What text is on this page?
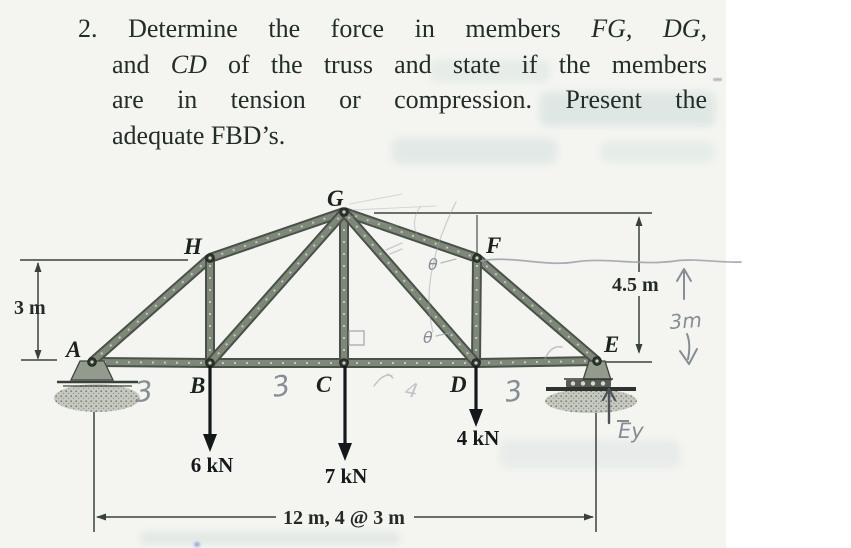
2. Determine the force in members FG, DG,
and CD of the truss and state if the members
are in tension or compression. Present the
adequate FBD’s.
6 kN	7 kN
4 kN
A
B	C	D
E
F
G
H
3 m
4.5 m
12 m, 4 @ 3 m
3	3	4	3
3m
Ey
θ
θ
